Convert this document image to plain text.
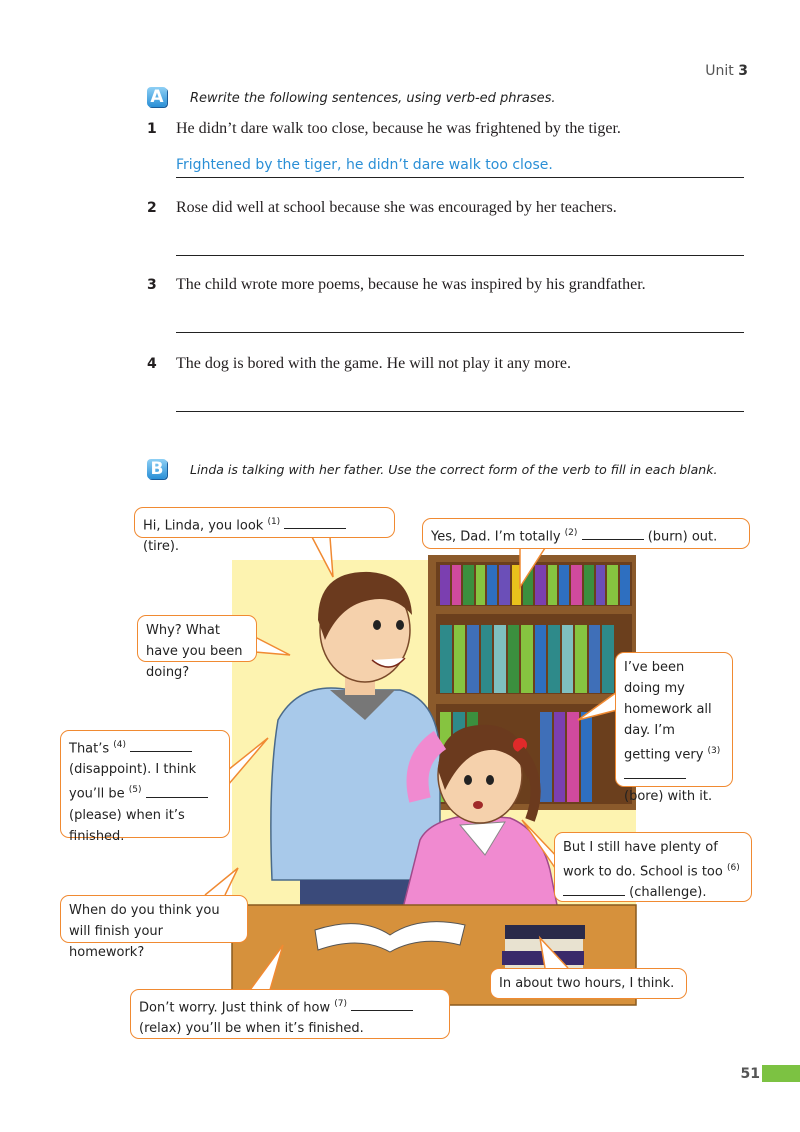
Unit 3
A Rewrite the following sentences, using verb-ed phrases.
1 He didn’t dare walk too close, because he was frightened by the tiger.
Frightened by the tiger, he didn’t dare walk too close.
2 Rose did well at school because she was encouraged by her teachers.
3 The child wrote more poems, because he was inspired by his grandfather.
4 The dog is bored with the game. He will not play it any more.
B Linda is talking with her father. Use the correct form of the verb to fill in each blank.
Hi, Linda, you look $^{(1)}$  (tire).
Yes, Dad. I’m totally $^{(2)}$	(burn) out.
Why? What have you been doing?	I’ve been doing my homework all day. I’m getting very $^{(3)}$  (bore) with it.
That’s $^{(4)}$  (disappoint). I think you’ll be $^{(5)}$  (please) when it’s finished.
But I still have plenty of work to do. School is too $^{(6)}$  (challenge).
When do you think you will finish your homework?
In about two hours, I think.
Don’t worry. Just think of how $^{(7)}$  (relax) you’ll be when it’s finished.
51
